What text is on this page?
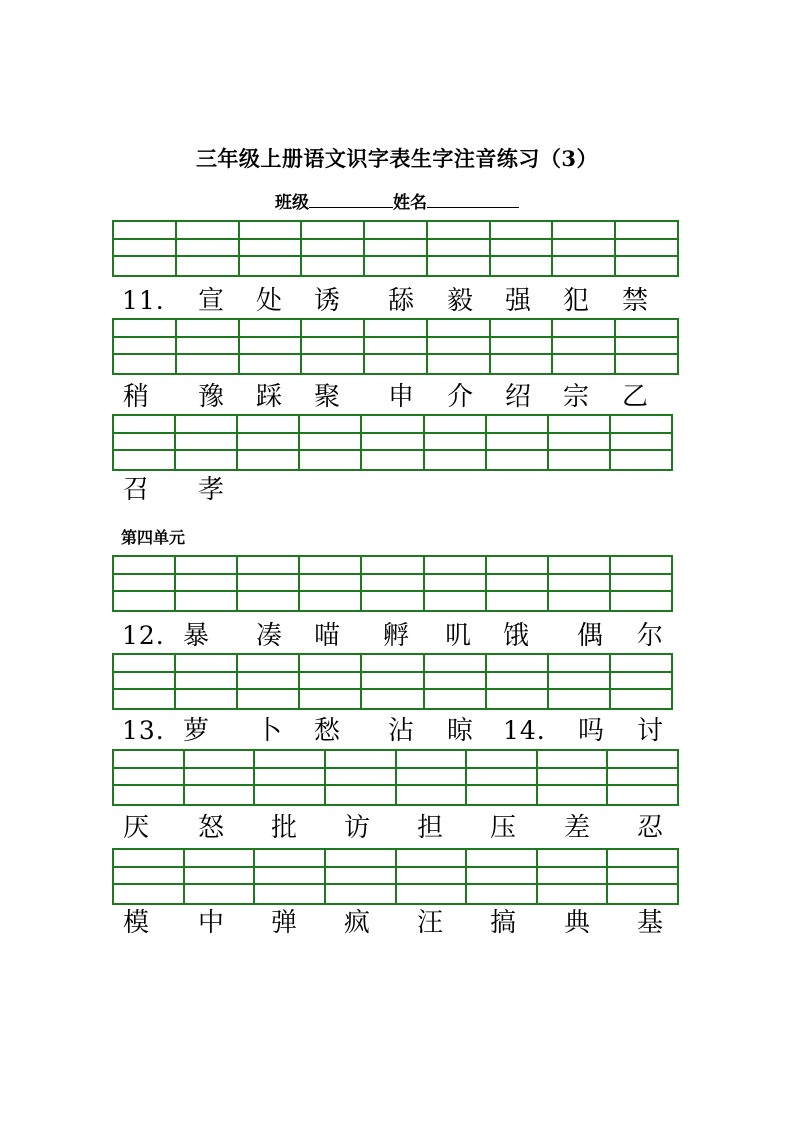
三年级上册语文识字表生字注音练习（3）
班级	姓名
11. 宣 处 诱 舔 毅 强 犯 禁
稍 豫 踩 聚 申 介 绍 宗 乙
召 孝
第四单元
12. 暴 凑 喵 孵 叽 饿 偶 尔
13. 萝 卜 愁 沾 晾 14. 吗 讨
厌 怒 批 访 担 压 差 忍
模 中 弹 疯 汪 搞 典 基
